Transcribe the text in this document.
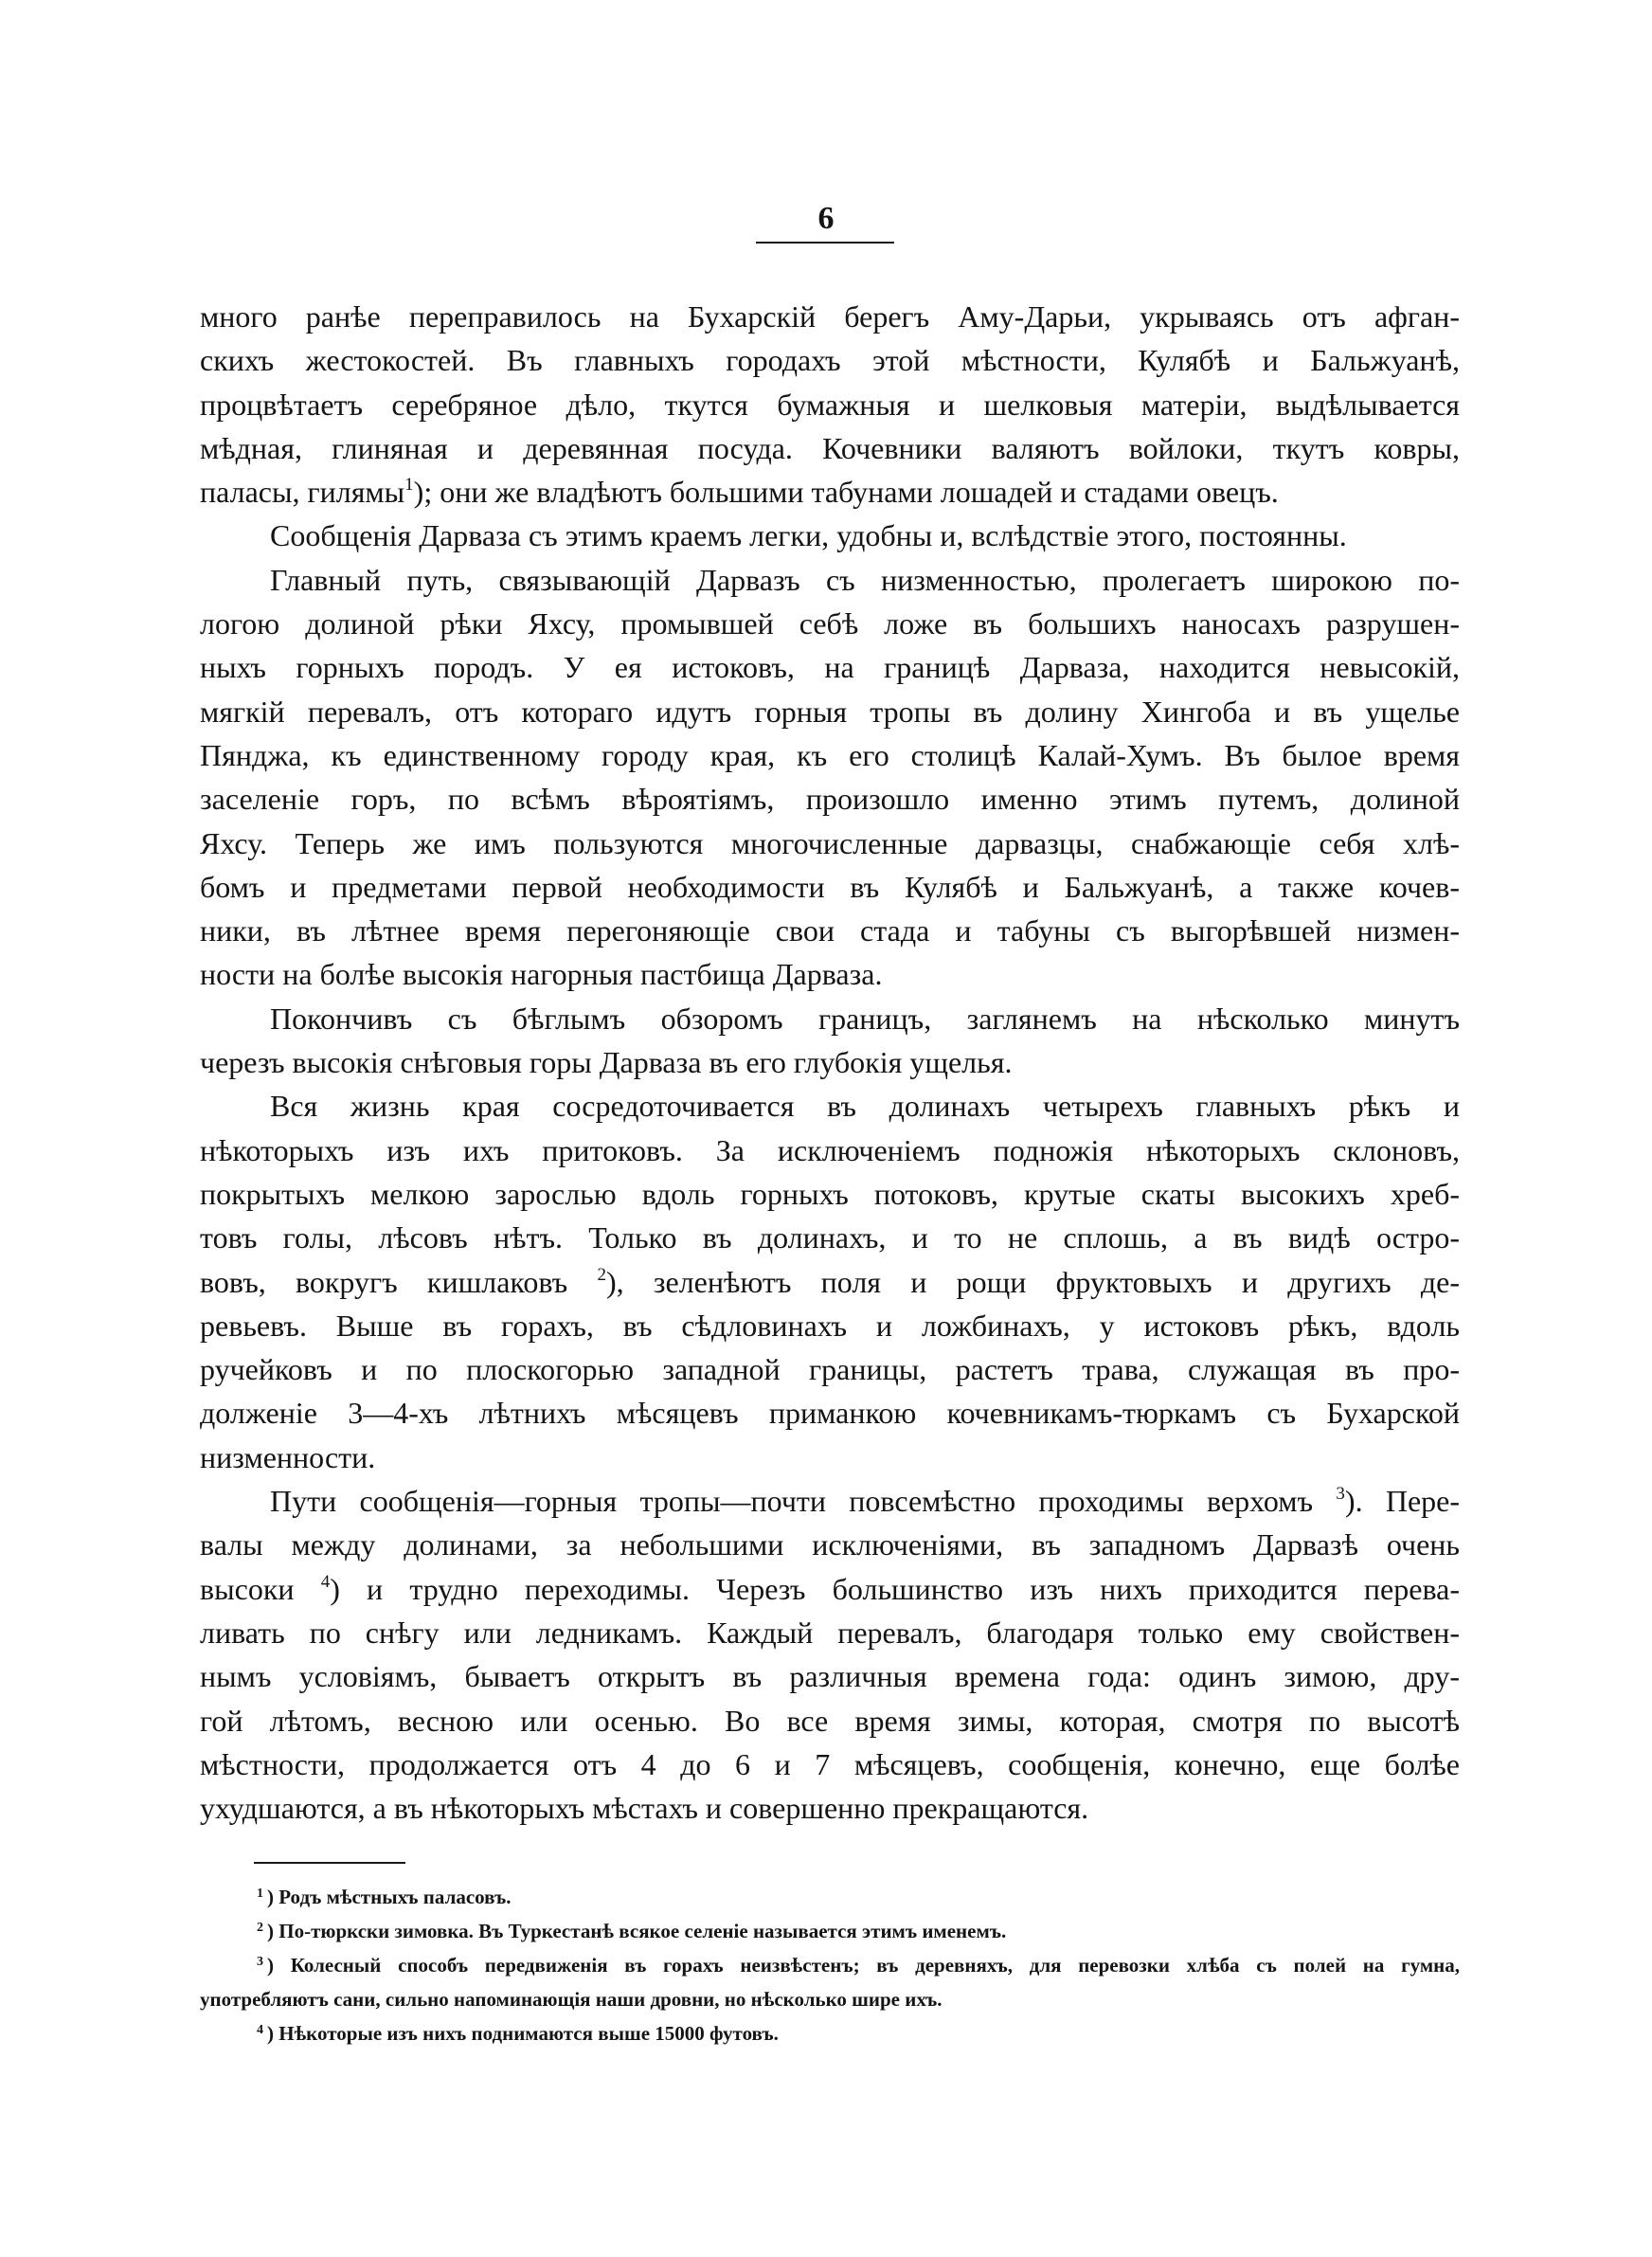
6
много ранѣе переправилось на Бухарскій берегъ Аму-Дарьи, укрываясь отъ афган-
скихъ жестокостей. Въ главныхъ городахъ этой мѣстности, Кулябѣ и Бальжуанѣ,
процвѣтаетъ серебряное дѣло, ткутся бумажныя и шелковыя матеріи, выдѣлывается
мѣдная, глиняная и деревянная посуда. Кочевники валяютъ войлоки, ткутъ ковры,
паласы, гилямы$^1$); они же владѣютъ большими табунами лошадей и стадами овецъ.
Сообщенія Дарваза съ этимъ краемъ легки, удобны и, вслѣдствіе этого, постоянны.
Главный путь, связывающій Дарвазъ съ низменностью, пролегаетъ широкою по-
логою долиной рѣки Яхсу, промывшей себѣ ложе въ большихъ наносахъ разрушен-
ныхъ горныхъ породъ. У ея истоковъ, на границѣ Дарваза, находится невысокій,
мягкій перевалъ, отъ котораго идутъ горныя тропы въ долину Хингоба и въ ущелье
Пянджа, къ единственному городу края, къ его столицѣ Калай-Хумъ. Въ былое время
заселеніе горъ, по всѣмъ вѣроятіямъ, произошло именно этимъ путемъ, долиной
Яхсу. Теперь же имъ пользуются многочисленные дарвазцы, снабжающіе себя хлѣ-
бомъ и предметами первой необходимости въ Кулябѣ и Бальжуанѣ, а также кочев-
ники, въ лѣтнее время перегоняющіе свои стада и табуны съ выгорѣвшей низмен-
ности на болѣе высокія нагорныя пастбища Дарваза.
Покончивъ съ бѣглымъ обзоромъ границъ, заглянемъ на нѣсколько минутъ
черезъ высокія снѣговыя горы Дарваза въ его глубокія ущелья.
Вся жизнь края сосредоточивается въ долинахъ четырехъ главныхъ рѣкъ и
нѣкоторыхъ изъ ихъ притоковъ. За исключеніемъ подножія нѣкоторыхъ склоновъ,
покрытыхъ мелкою зарослью вдоль горныхъ потоковъ, крутые скаты высокихъ хреб-
товъ голы, лѣсовъ нѣтъ. Только въ долинахъ, и то не сплошь, а въ видѣ остро-
вовъ, вокругъ кишлаковъ $^2$), зеленѣютъ поля и рощи фруктовыхъ и другихъ де-
ревьевъ. Выше въ горахъ, въ сѣдловинахъ и ложбинахъ, у истоковъ рѣкъ, вдоль
ручейковъ и по плоскогорью западной границы, растетъ трава, служащая въ про-
долженіе 3—4-хъ лѣтнихъ мѣсяцевъ приманкою кочевникамъ-тюркамъ съ Бухарской
низменности.
Пути сообщенія—горныя тропы—почти повсемѣстно проходимы верхомъ $^3$). Пере-
валы между долинами, за небольшими исключеніями, въ западномъ Дарвазѣ очень
высоки $^4$) и трудно переходимы. Черезъ большинство изъ нихъ приходится перева-
ливать по снѣгу или ледникамъ. Каждый перевалъ, благодаря только ему свойствен-
нымъ условіямъ, бываетъ открытъ въ различныя времена года: одинъ зимою, дру-
гой лѣтомъ, весною или осенью. Во все время зимы, которая, смотря по высотѣ
мѣстности, продолжается отъ 4 до 6 и 7 мѣсяцевъ, сообщенія, конечно, еще болѣе
ухудшаются, а въ нѣкоторыхъ мѣстахъ и совершенно прекращаются.
$^1$ ) Родъ мѣстныхъ паласовъ.
$^2$ ) По-тюркски зимовка. Въ Туркестанѣ всякое селеніе называется этимъ именемъ.
$^3$ ) Колесный способъ передвиженія въ горахъ неизвѣстенъ; въ деревняхъ, для перевозки хлѣба съ полей на гумна,
употребляютъ сани, сильно напоминающія наши дровни, но нѣсколько шире ихъ.
$^4$ ) Нѣкоторые изъ нихъ поднимаются выше 15000 футовъ.
